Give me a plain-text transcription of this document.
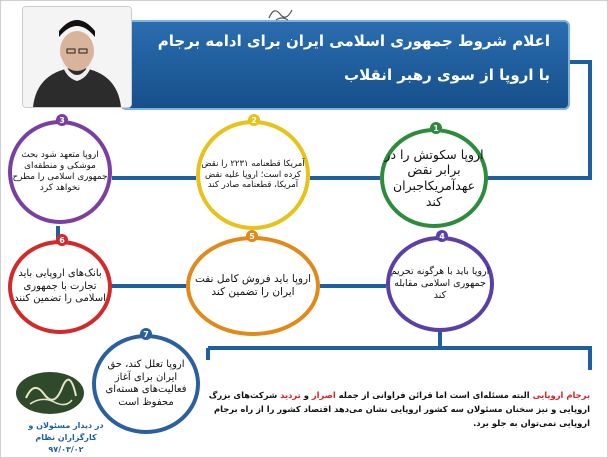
اعلام شروط جمهوری اسلامی ایران برای ادامه برجام
با اروپا از سوی رهبر انقلاب
اروپا سکوتش را در برابر نقض عهدآمریکاجبران کند
1
آمریکا قطعنامه ۲۲۳۱ را نقض کرده است؛ اروپا علیه نقض آمریکا، قطعنامه صادر کند
2
اروپا متعهد شود بحث موشکی و منطقه‌ای جمهوری اسلامی را مطرح نخواهد کرد
3
اروپا باید با هرگونه تحریم جمهوری اسلامی مقابله کند
4
اروپا باید فروش کامل نفت ایران را تضمین کند
5
بانک‌های اروپایی باید تجارت با جمهوری اسلامی را تضمین کنند
6
اروپا تعلل کند، حق ایران برای آغاز فعالیت‌های هسته‌ای محفوظ است
7
برجام اروپایی البته مسئله‌ای است اما قرائن فراوانی از جمله اصرار و تردید شرکت‌های بزرگ اروپایی و نیز سخنان مسئولان سه کشور اروپایی نشان می‌دهد اقتصاد کشور را از راه برجام اروپایی نمی‌توان به جلو برد.
در دیدار مسئولان و کارگزاران نظام
۹۷/۰۳/۰۲
